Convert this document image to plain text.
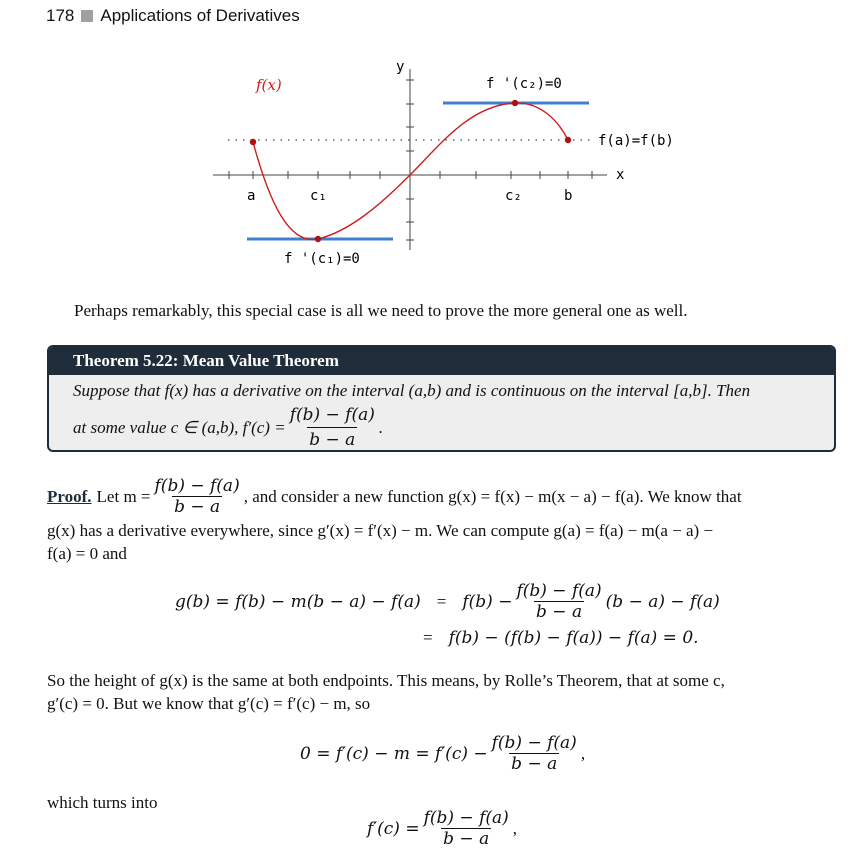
178 Applications of Derivatives
f(x)
y
x
a	c₁	c₂	b
f '(c₂)=0
f '(c₁)=0
f(a)=f(b)
Perhaps remarkably, this special case is all we need to prove the more general one as well.
Theorem 5.22: Mean Value Theorem
Suppose that f(x) has a derivative on the interval (a,b) and is continuous on the interval [a,b]. Then
at some value c ∈ (a,b), $f'(c) = \frac{f(b) - f(a)}{b - a}$ .
Proof. Let $m = \frac{f(b) - f(a)}{b - a}$ , and consider a new function g(x) = f(x) − m(x − a) − f(a). We know that
g(x) has a derivative everywhere, since g′(x) = f′(x) − m. We can compute g(a) = f(a) − m(a − a) −
f(a) = 0 and
$g(b) = f(b) - m(b - a) - f(a) = f(b) - \frac{f(b) - f(a)}{b - a} (b - a) - f(a)$
= f(b) − (f(b) − f(a)) − f(a) = 0.
So the height of g(x) is the same at both endpoints. This means, by Rolle’s Theorem, that at some c,
g′(c) = 0. But we know that g′(c) = f′(c) − m, so
$0 = f'(c) - m = f'(c) - \frac{f(b) - f(a)}{b - a}$ ,
which turns into
$f'(c) = \frac{f(b) - f(a)}{b - a}$ ,
